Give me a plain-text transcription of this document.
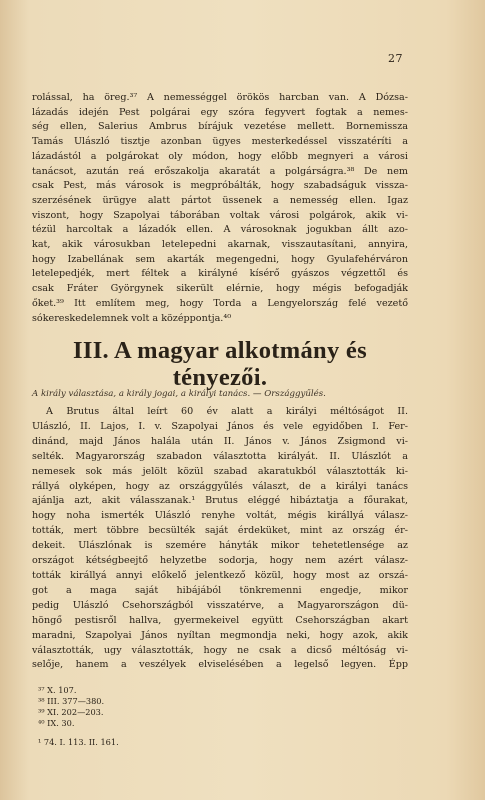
27
rolással, ha öreg.³⁷ A nemességgel örökös harcban van. A Dózsa-
lázadás idején Pest polgárai egy szóra fegyvert fogtak a nemes-
ség ellen, Salerius Ambrus bírájuk vezetése mellett. Bornemissza
Tamás Ulászló tisztje azonban ügyes mesterkedéssel visszatéríti a
lázadástól a polgárokat oly módon, hogy előbb megnyeri a városi
tanácsot, azután reá erőszakolja akaratát a polgárságra.³⁸ De nem
csak Pest, más városok is megpróbálták, hogy szabadságuk vissza-
szerzésének ürügye alatt pártot üssenek a nemesség ellen. Igaz
viszont, hogy Szapolyai táborában voltak városi polgárok, akik vi-
tézül harcoltak a lázadók ellen. A városoknak jogukban állt azo-
kat, akik városukban letelepedni akarnak, visszautasítani, annyira,
hogy Izabellának sem akarták megengedni, hogy Gyulafehérváron
letelepedjék, mert féltek a királyné kísérő gyászos végzettől és
csak Fráter Györgynek sikerült elérnie, hogy mégis befogadják
őket.³⁹ Itt említem meg, hogy Torda a Lengyelország felé vezető
sókereskedelemnek volt a középpontja.⁴⁰
III. A magyar alkotmány és
tényezői.
A király választása, a király jogai, a királyi tanács. — Országgyűlés.
A Brutus által leírt 60 év alatt a királyi méltóságot II.
Ulászló, II. Lajos, I. v. Szapolyai János és vele egyidőben I. Fer-
dinánd, majd János halála után II. János v. János Zsigmond vi-
selték. Magyarország szabadon választotta királyát. II. Ulászlót a
nemesek sok más jelölt közül szabad akaratukból választották ki-
rállyá olyképen, hogy az országgyűlés választ, de a királyi tanács
ajánlja azt, akit válasszanak.¹ Brutus eléggé hibáztatja a főurakat,
hogy noha ismerték Ulászló renyhe voltát, mégis királlyá válasz-
tották, mert többre becsülték saját érdeküket, mint az ország ér-
dekeit. Ulászlónak is szemére hányták mikor tehetetlensége az
országot kétségbeejtő helyzetbe sodorja, hogy nem azért válasz-
tották királlyá annyi előkelő jelentkező közül, hogy most az orszá-
got a maga saját hibájából tönkremenni engedje, mikor
pedig Ulászló Csehországból visszatérve, a Magyarországon dü-
höngő pestisről hallva, gyermekeivel együtt Csehországban akart
maradni, Szapolyai János nyíltan megmondja neki, hogy azok, akik
választották, ugy választották, hogy ne csak a dicső méltóság vi-
selője, hanem a veszélyek elviselésében a legelső legyen. Épp
³⁷ X. 107.
³⁸ III. 377—380.
³⁹ XI. 202—203.
⁴⁰ IX. 30.
¹ 74. I. 113. II. 161.
